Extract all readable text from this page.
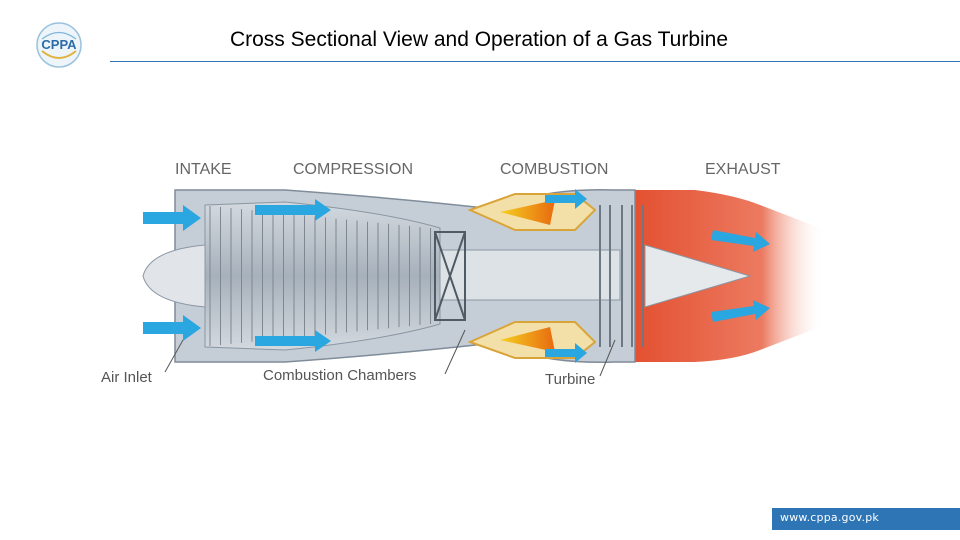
CPPA	Cross Sectional View and Operation of a Gas Turbine
INTAKE	COMPRESSION	COMBUSTION	EXHAUST
Air Inlet	Combustion Chambers	Turbine
www.cppa.gov.pk
